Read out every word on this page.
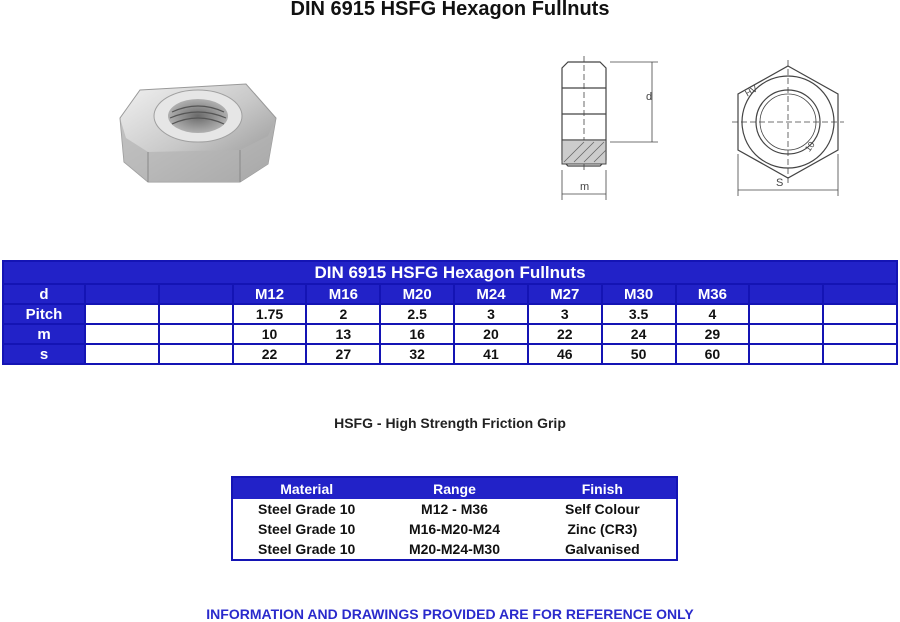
DIN 6915 HSFG Hexagon Fullnuts
d
m
HV
10
S
DIN 6915 HSFG Hexagon Fullnuts											
d			M12	M16	M20	M24	M27	M30	M36		
Pitch			1.75	2	2.5	3	3	3.5	4		
m			10	13	16	20	22	24	29		
s			22	27	32	41	46	50	60		
HSFG - High Strength Friction Grip
Material	Range	Finish
Steel Grade 10	M12 - M36	Self Colour
Steel Grade 10	M16-M20-M24	Zinc (CR3)
Steel Grade 10	M20-M24-M30	Galvanised
INFORMATION AND DRAWINGS PROVIDED ARE FOR REFERENCE ONLY
